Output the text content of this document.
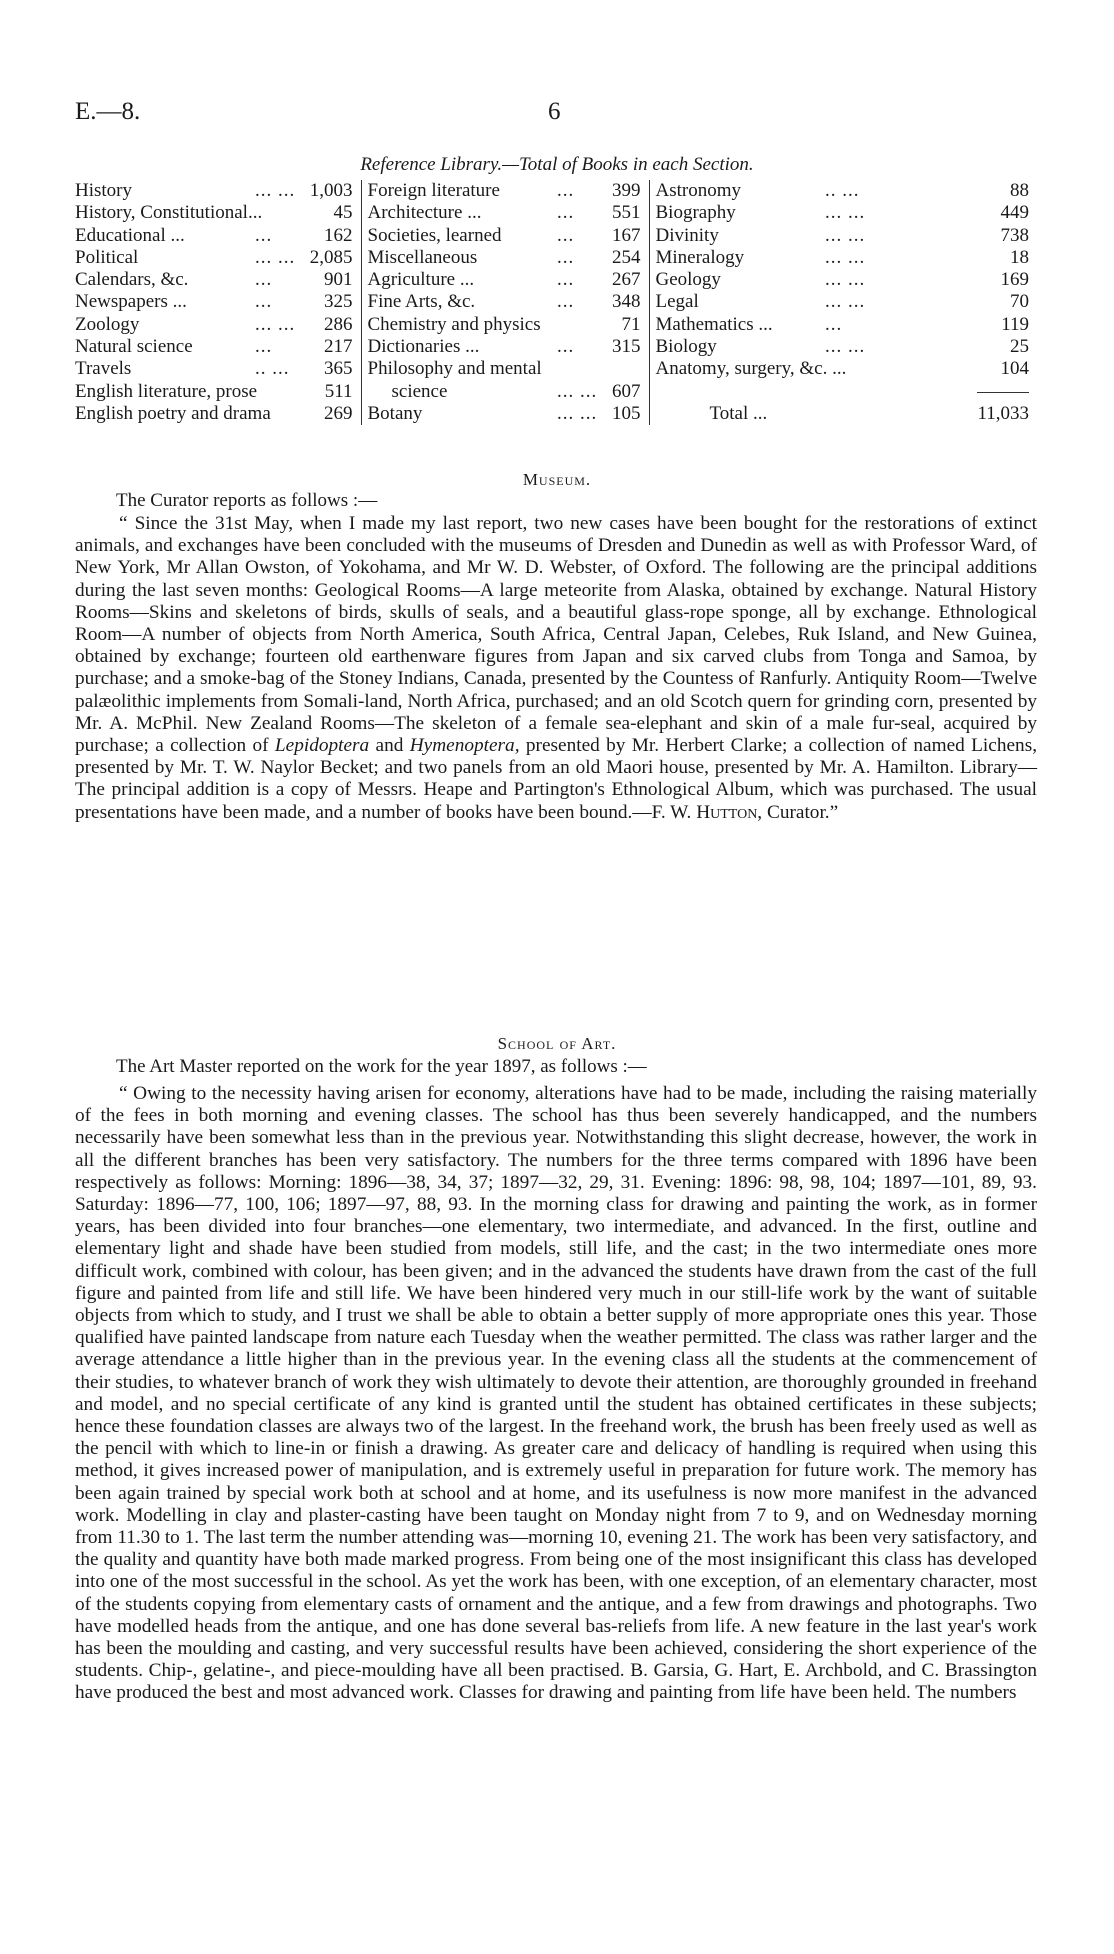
E.—8.	6
Reference Library.—Total of Books in each Section.
History	... ...	1,003	Foreign literature	...	399	Astronomy	.. ...	88
History, Constitutional...		45	Architecture ...	...	551	Biography	... ...	449
Educational ...	...	162	Societies, learned	...	167	Divinity	... ...	738
Political	... ...	2,085	Miscellaneous	...	254	Mineralogy	... ...	18
Calendars, &c.	...	901	Agriculture ...	...	267	Geology	... ...	169
Newspapers ...	...	325	Fine Arts, &c.	...	348	Legal	... ...	70
Zoology	... ...	286	Chemistry and physics		71	Mathematics ...	...	119
Natural science	...	217	Dictionaries ...	...	315	Biology	... ...	25
Travels	.. ...	365	Philosophy and mental			Anatomy, surgery, &c. ...		104
English literature, prose		511	science	... ...	607			

English poetry and drama		269	Botany	... ...	105	Total ...		11,033
Museum.
The Curator reports as follows :—

“ Since the 31st May, when I made my last report, two new cases have been bought for the restorations of extinct animals, and exchanges have been concluded with the museums of Dresden and Dunedin as well as with Professor Ward, of New York, Mr Allan Owston, of Yokohama, and Mr W. D. Webster, of Oxford. The following are the principal additions during the last seven months: Geological Rooms—A large meteorite from Alaska, obtained by exchange. Natural History Rooms—Skins and skeletons of birds, skulls of seals, and a beautiful glass-rope sponge, all by exchange. Ethnological Room—A number of objects from North America, South Africa, Central Japan, Celebes, Ruk Island, and New Guinea, obtained by exchange; fourteen old earthenware figures from Japan and six carved clubs from Tonga and Samoa, by purchase; and a smoke-bag of the Stoney Indians, Canada, presented by the Countess of Ranfurly. Antiquity Room—Twelve palæolithic implements from Somali-land, North Africa, purchased; and an old Scotch quern for grinding corn, presented by Mr. A. McPhil. New Zealand Rooms—The skeleton of a female sea-elephant and skin of a male fur-seal, acquired by purchase; a collection of Lepidoptera and Hymenoptera, presented by Mr. Herbert Clarke; a collection of named Lichens, presented by Mr. T. W. Naylor Becket; and two panels from an old Maori house, presented by Mr. A. Hamilton. Library—The principal addition is a copy of Messrs. Heape and Partington's Ethnological Album, which was purchased. The usual presentations have been made, and a number of books have been bound.—F. W. Hutton, Curator.”

School of Art.
The Art Master reported on the work for the year 1897, as follows :—

“ Owing to the necessity having arisen for economy, alterations have had to be made, including the raising materially of the fees in both morning and evening classes. The school has thus been severely handicapped, and the numbers necessarily have been somewhat less than in the previous year. Notwithstanding this slight decrease, however, the work in all the different branches has been very satisfactory. The numbers for the three terms compared with 1896 have been respectively as follows: Morning: 1896—38, 34, 37; 1897—32, 29, 31. Evening: 1896: 98, 98, 104; 1897—101, 89, 93. Saturday: 1896—77, 100, 106; 1897—97, 88, 93. In the morning class for drawing and painting the work, as in former years, has been divided into four branches—one elementary, two intermediate, and advanced. In the first, outline and elementary light and shade have been studied from models, still life, and the cast; in the two intermediate ones more difficult work, combined with colour, has been given; and in the advanced the students have drawn from the cast of the full figure and painted from life and still life. We have been hindered very much in our still-life work by the want of suitable objects from which to study, and I trust we shall be able to obtain a better supply of more appropriate ones this year. Those qualified have painted landscape from nature each Tuesday when the weather permitted. The class was rather larger and the average attendance a little higher than in the previous year. In the evening class all the students at the commencement of their studies, to whatever branch of work they wish ultimately to devote their attention, are thoroughly grounded in freehand and model, and no special certificate of any kind is granted until the student has obtained certificates in these subjects; hence these foundation classes are always two of the largest. In the freehand work, the brush has been freely used as well as the pencil with which to line-in or finish a drawing. As greater care and delicacy of handling is required when using this method, it gives increased power of manipulation, and is extremely useful in preparation for future work. The memory has been again trained by special work both at school and at home, and its usefulness is now more manifest in the advanced work. Modelling in clay and plaster-casting have been taught on Monday night from 7 to 9, and on Wednesday morning from 11.30 to 1. The last term the number attending was—morning 10, evening 21. The work has been very satisfactory, and the quality and quantity have both made marked progress. From being one of the most insignificant this class has developed into one of the most successful in the school. As yet the work has been, with one exception, of an elementary character, most of the students copying from elementary casts of ornament and the antique, and a few from drawings and photographs. Two have modelled heads from the antique, and one has done several bas-reliefs from life. A new feature in the last year's work has been the moulding and casting, and very successful results have been achieved, considering the short experience of the students. Chip-, gelatine-, and piece-moulding have all been practised. B. Garsia, G. Hart, E. Archbold, and C. Brassington have produced the best and most advanced work. Classes for drawing and painting from life have been held. The numbers
